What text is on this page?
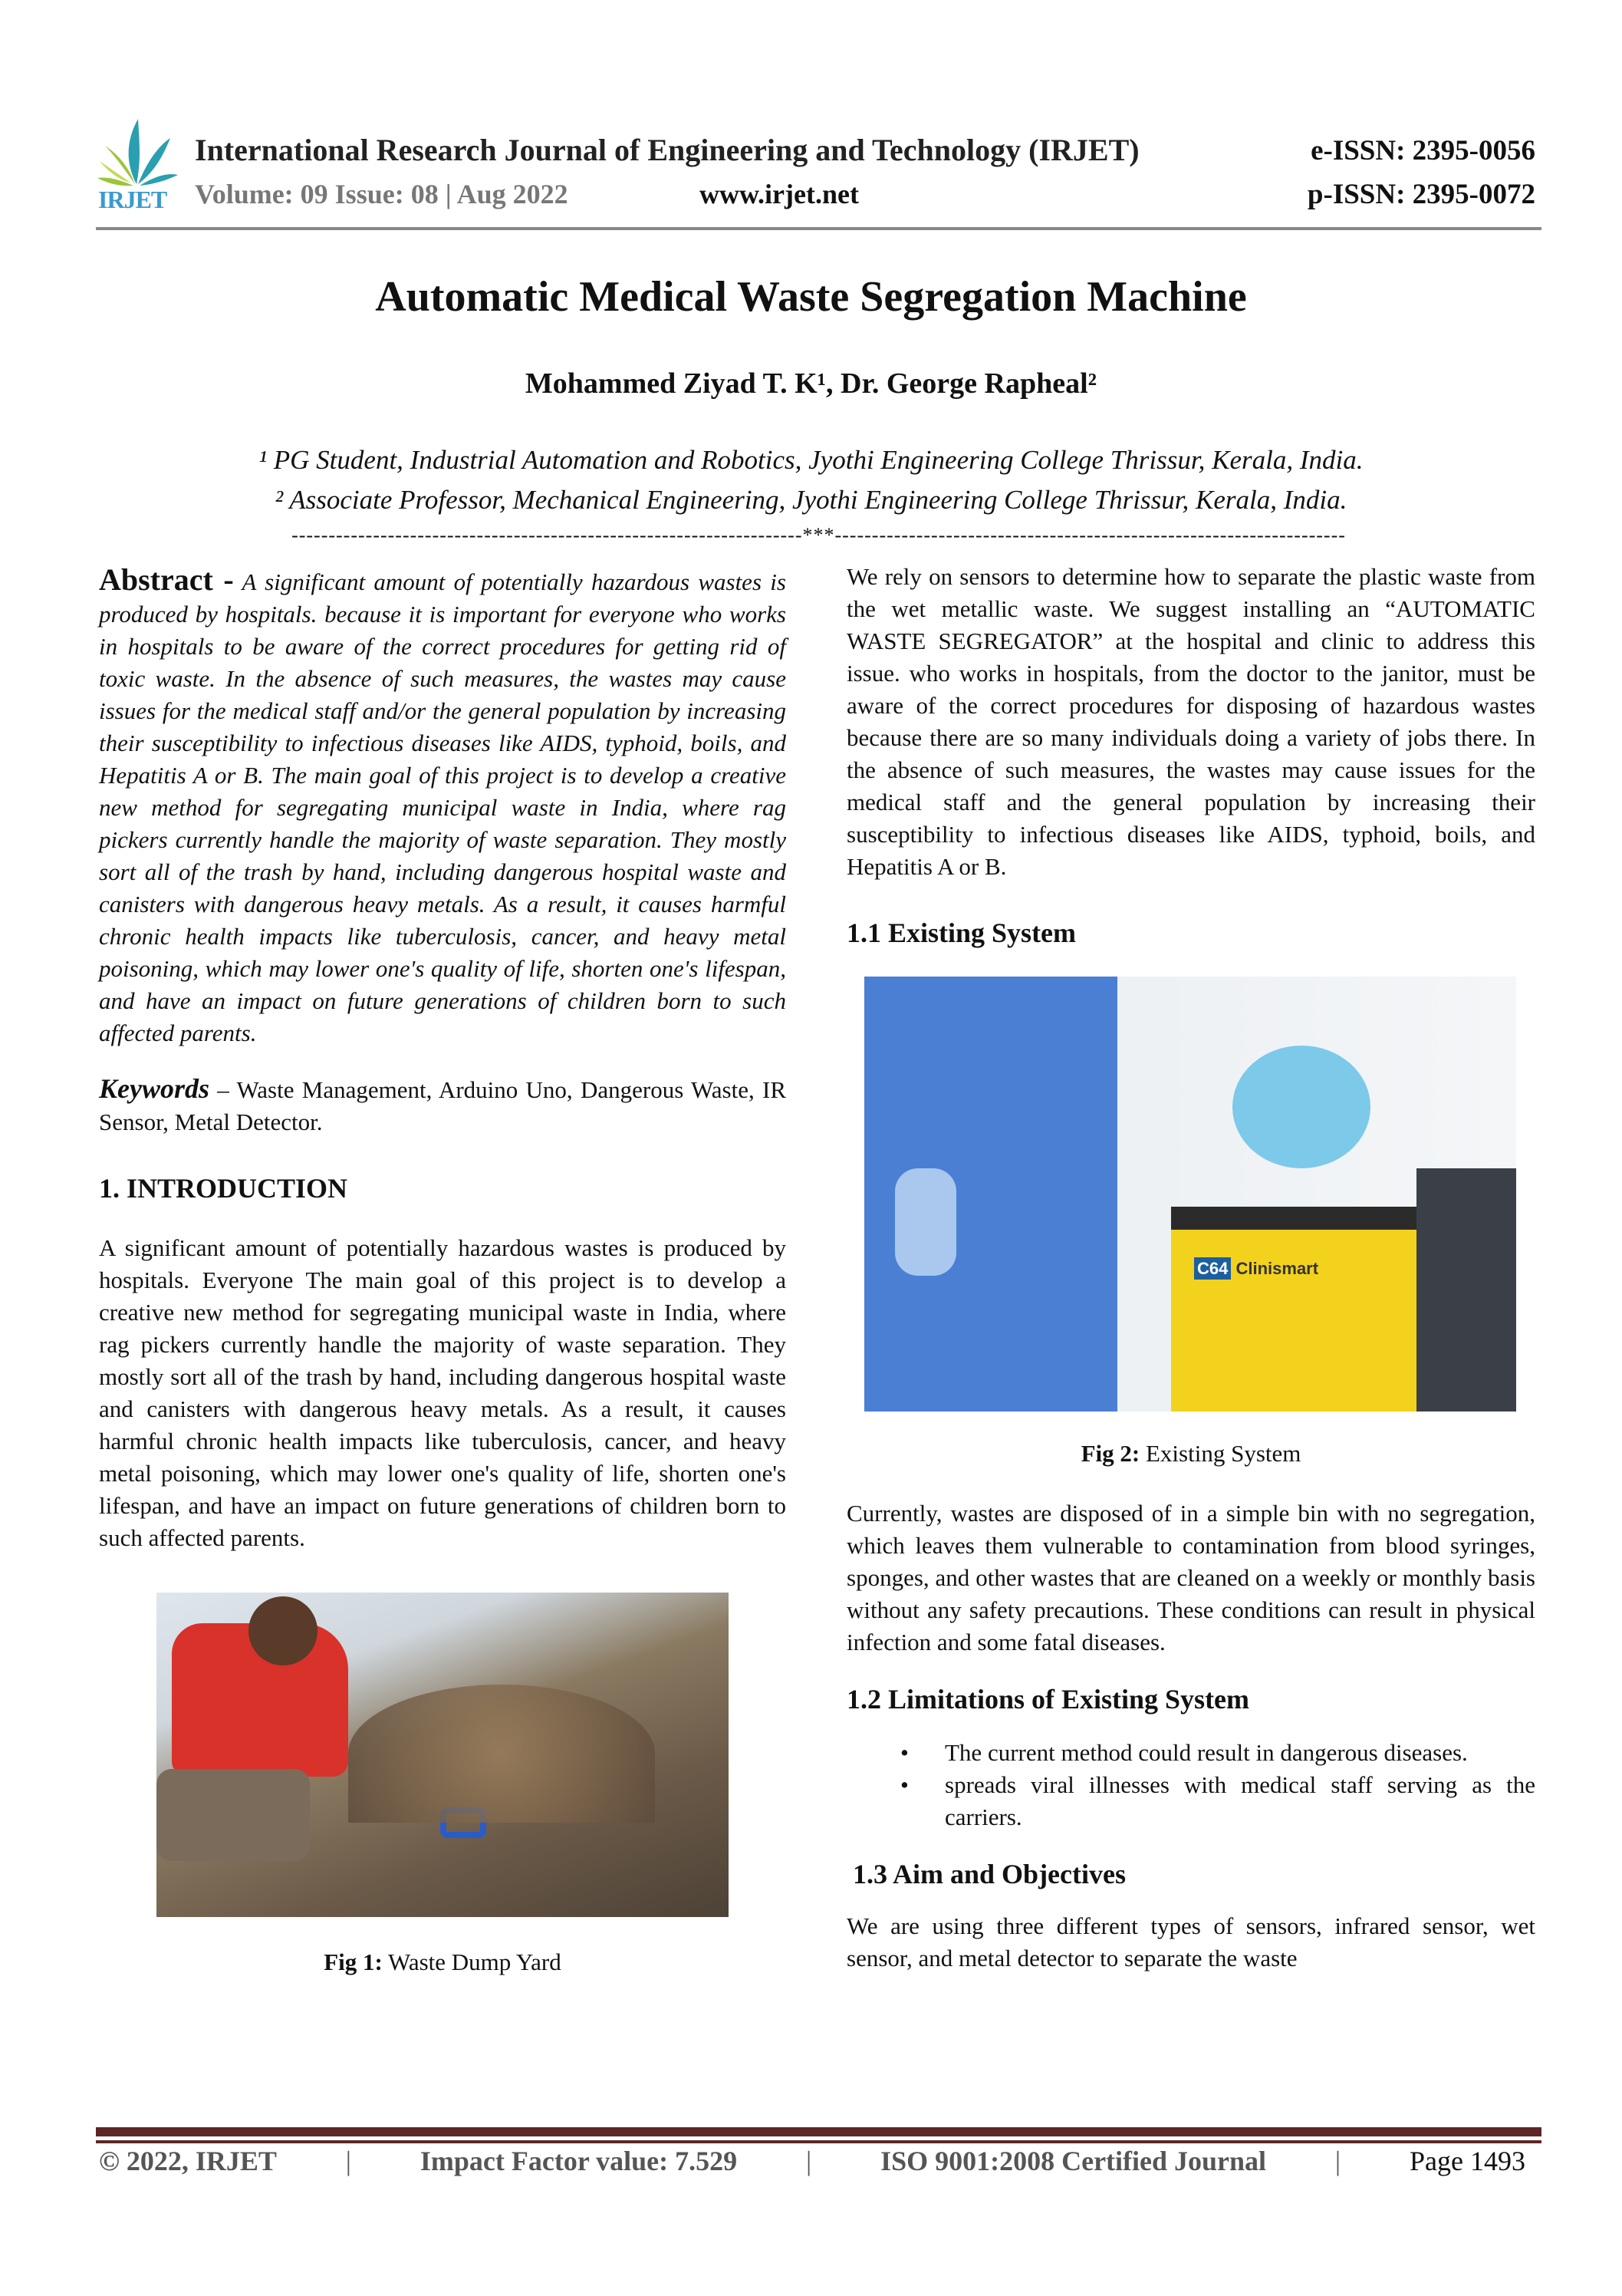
IRJET
International Research Journal of Engineering and Technology (IRJET)
Volume: 09 Issue: 08 | Aug 2022	www.irjet.net
e-ISSN: 2395-0056
p-ISSN: 2395-0072
Automatic Medical Waste Segregation Machine
Mohammed Ziyad T. K¹, Dr. George Rapheal²
¹ PG Student, Industrial Automation and Robotics, Jyothi Engineering College Thrissur, Kerala, India.
² Associate Professor, Mechanical Engineering, Jyothi Engineering College Thrissur, Kerala, India.
---------------------------------------------------------------------***---------------------------------------------------------------------

Abstract - A significant amount of potentially hazardous wastes is produced by hospitals. because it is important for everyone who works in hospitals to be aware of the correct procedures for getting rid of toxic waste. In the absence of such measures, the wastes may cause issues for the medical staff and/or the general population by increasing their susceptibility to infectious diseases like AIDS, typhoid, boils, and Hepatitis A or B. The main goal of this project is to develop a creative new method for segregating municipal waste in India, where rag pickers currently handle the majority of waste separation. They mostly sort all of the trash by hand, including dangerous hospital waste and canisters with dangerous heavy metals. As a result, it causes harmful chronic health impacts like tuberculosis, cancer, and heavy metal poisoning, which may lower one's quality of life, shorten one's lifespan, and have an impact on future generations of children born to such affected parents.

Keywords – Waste Management, Arduino Uno, Dangerous Waste, IR Sensor, Metal Detector.

1. INTRODUCTION

A significant amount of potentially hazardous wastes is produced by hospitals. Everyone The main goal of this project is to develop a creative new method for segregating municipal waste in India, where rag pickers currently handle the majority of waste separation. They mostly sort all of the trash by hand, including dangerous hospital waste and canisters with dangerous heavy metals. As a result, it causes harmful chronic health impacts like tuberculosis, cancer, and heavy metal poisoning, which may lower one's quality of life, shorten one's lifespan, and have an impact on future generations of children born to such affected parents.

Fig 1: Waste Dump Yard

We rely on sensors to determine how to separate the plastic waste from the wet metallic waste. We suggest installing an “AUTOMATIC WASTE SEGREGATOR” at the hospital and clinic to address this issue. who works in hospitals, from the doctor to the janitor, must be aware of the correct procedures for disposing of hazardous wastes because there are so many individuals doing a variety of jobs there. In the absence of such measures, the wastes may cause issues for the medical staff and the general population by increasing their susceptibility to infectious diseases like AIDS, typhoid, boils, and Hepatitis A or B.

1.1 Existing System
C64 Clinismart

Fig 2: Existing System

Currently, wastes are disposed of in a simple bin with no segregation, which leaves them vulnerable to contamination from blood syringes, sponges, and other wastes that are cleaned on a weekly or monthly basis without any safety precautions. These conditions can result in physical infection and some fatal diseases.

1.2 Limitations of Existing System
• The current method could result in dangerous diseases.
• spreads viral illnesses with medical staff serving as the carriers.
1.3 Aim and Objectives

We are using three different types of sensors, infrared sensor, wet sensor, and metal detector to separate the waste

© 2022, IRJET | Impact Factor value: 7.529 | ISO 9001:2008 Certified Journal | Page 1493
